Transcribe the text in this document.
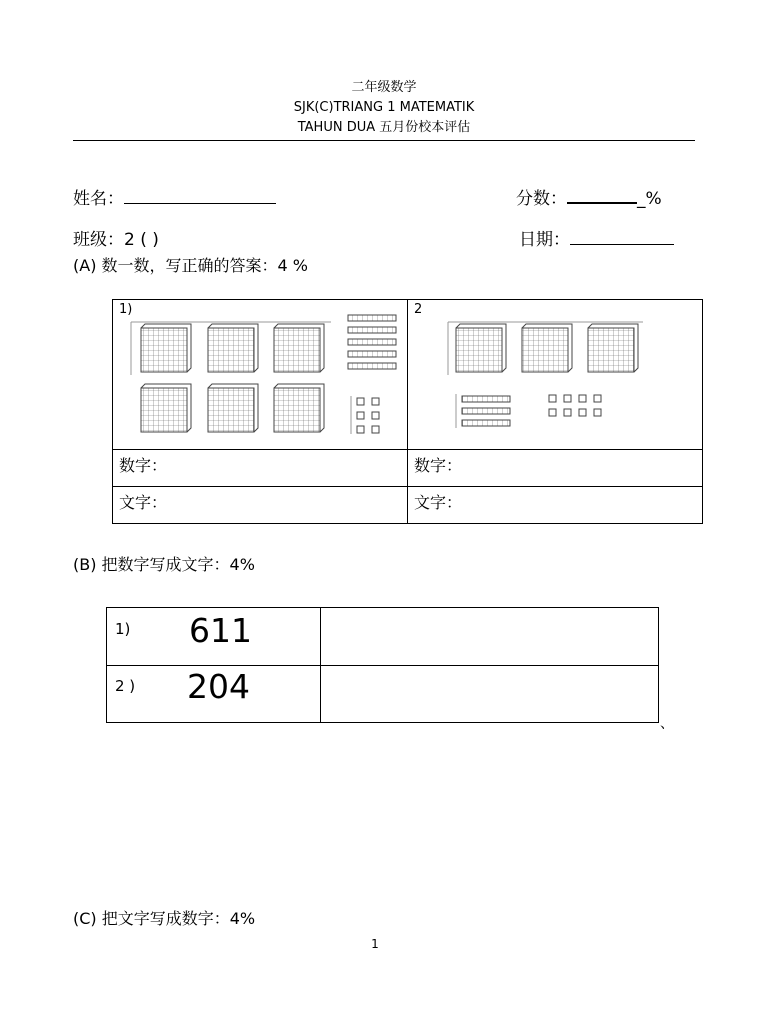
二年级数学
SJK(C)TRIANG 1 MATEMATIK
TAHUN DUA 五月份校本评估
姓名：	分数：	_%
班级：2 ( )	日期：
(A) 数一数，写正确的答案：4 %
1)	2

数字：	数字：

文字：	文字：
(B) 把数字写成文字：4%
1) 611	

2 ) 204	

、
(C) 把文字写成数字：4%
1
